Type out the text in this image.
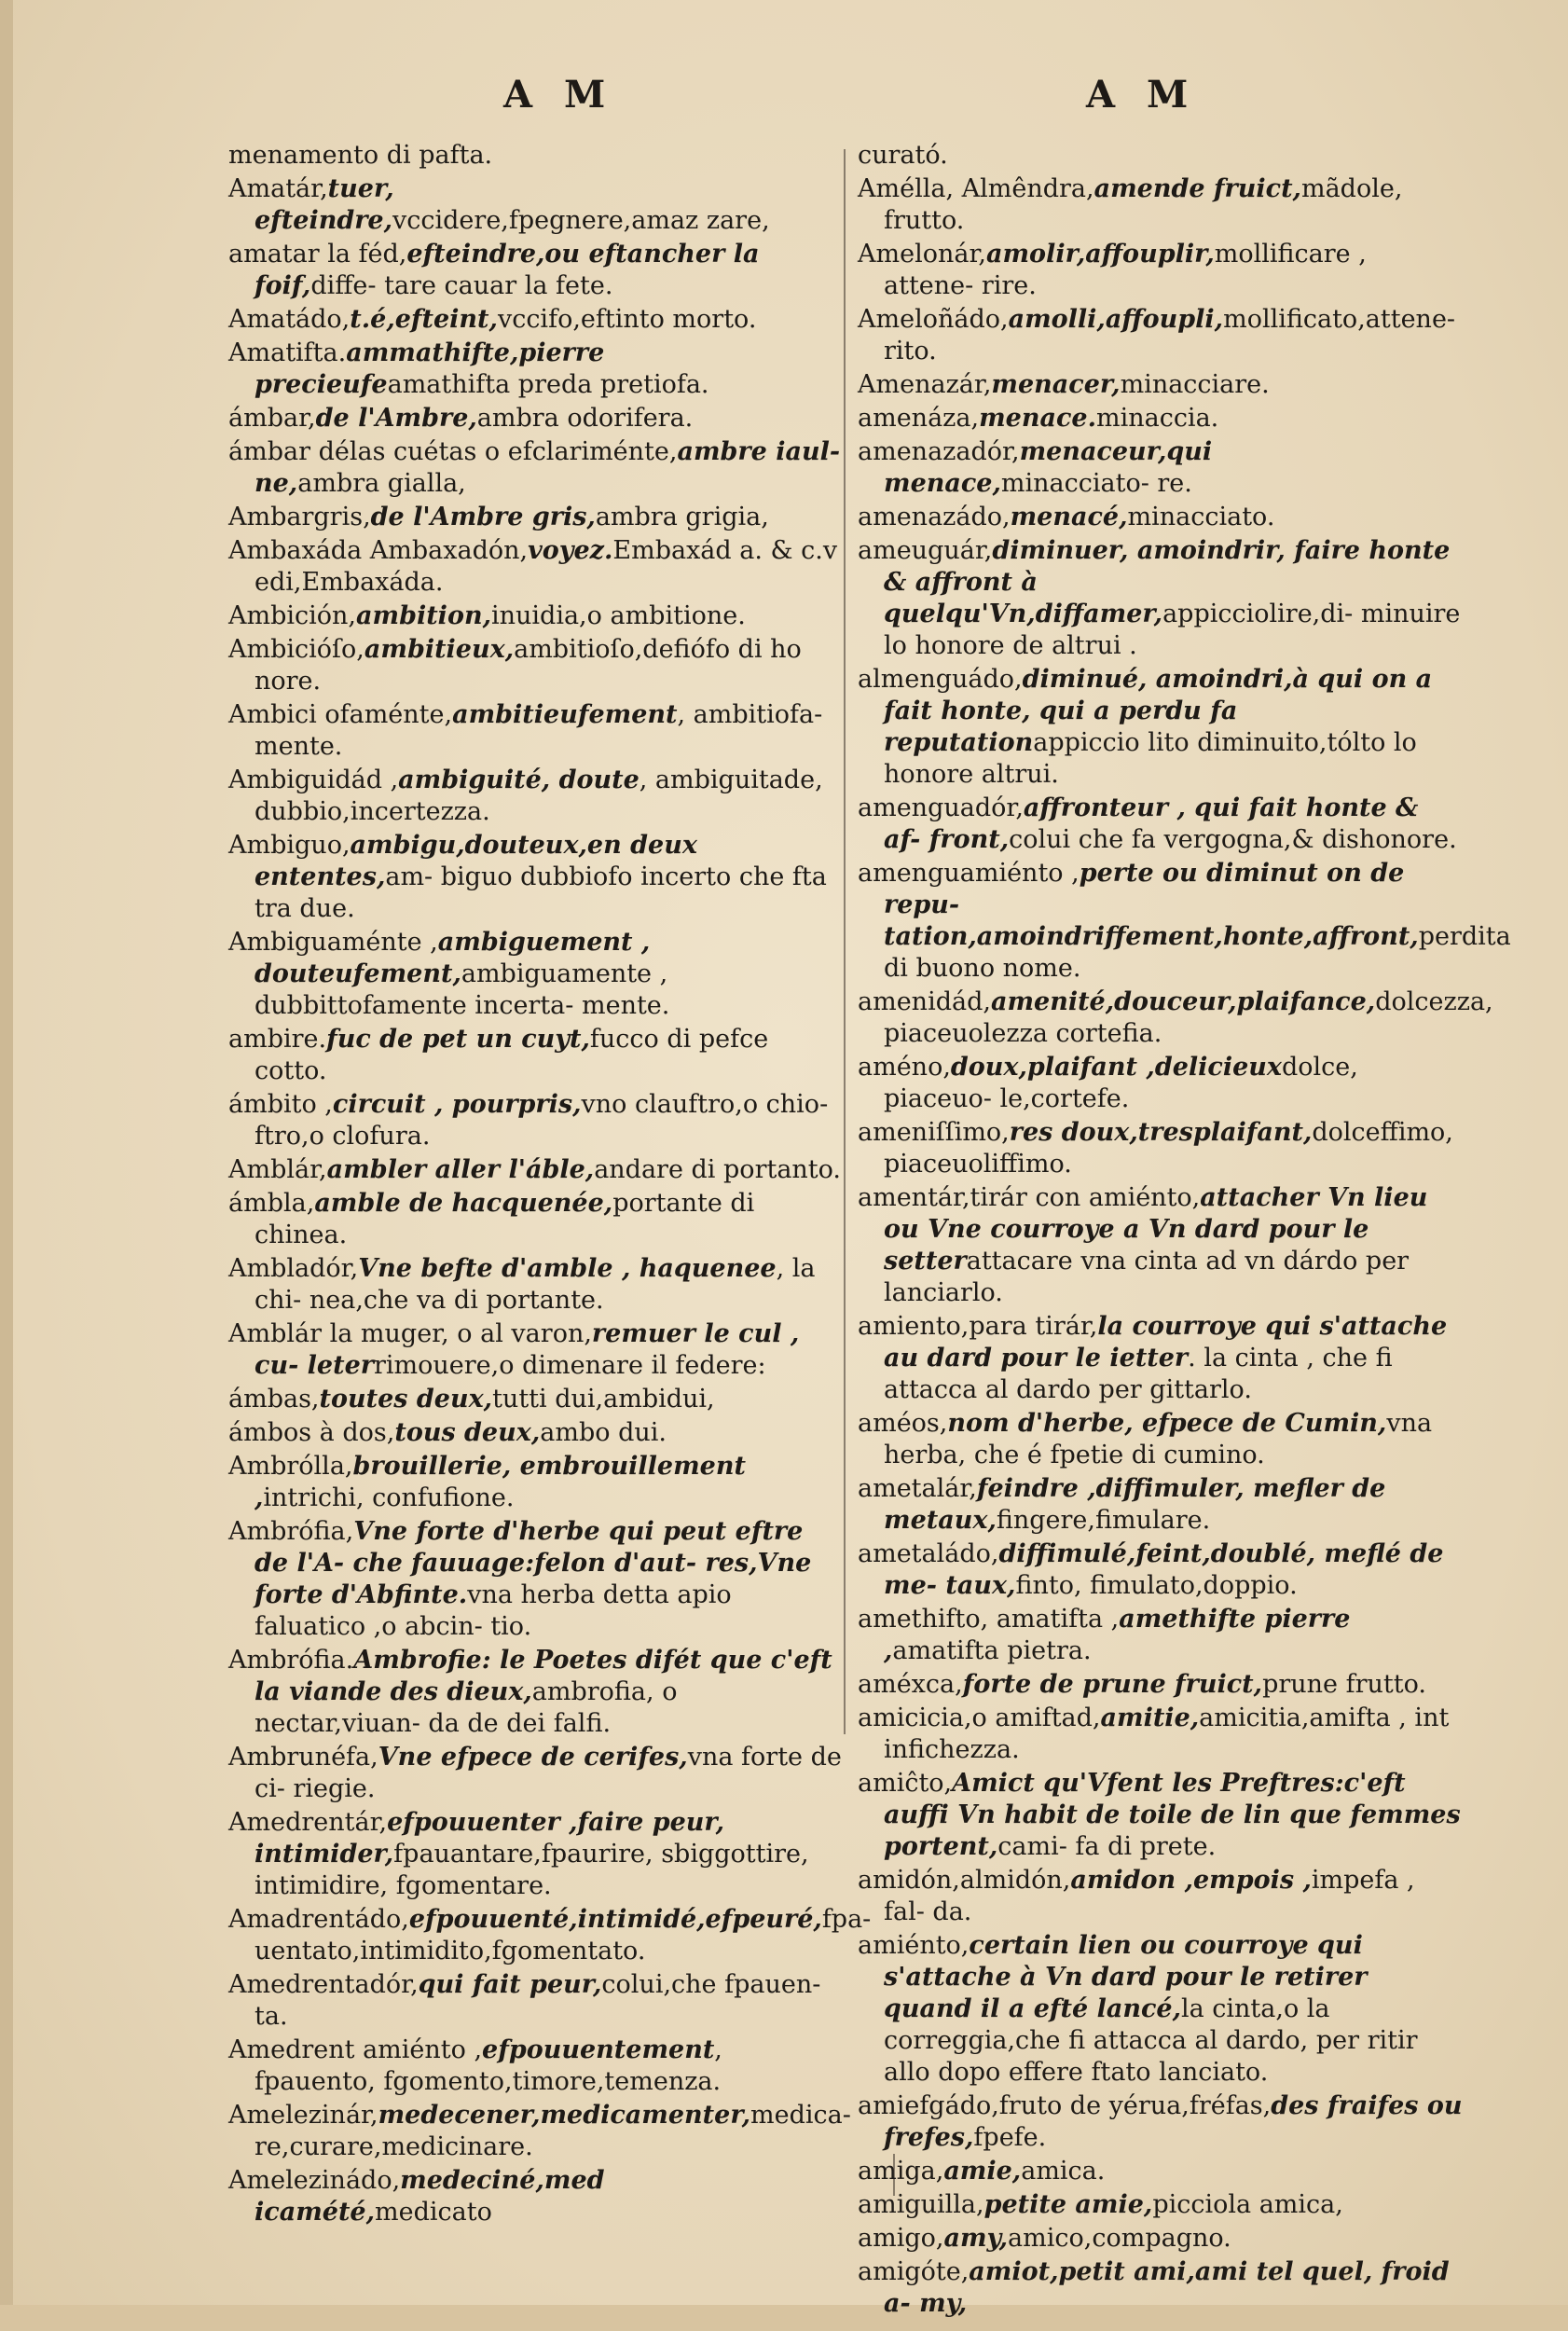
A M	A M
menamento di pafta.
Amatár,tuer, efteindre,vccidere,fpegnere,amaz zare,
amatar la féd,efteindre,ou eftancher la foif,diffe- tare cauar la fete.
Amatádo,t.é,efteint,vccifo,eftinto morto.
Amatifta.ammathifte,pierre precieufeamathifta preda pretiofa.
ámbar,de l'Ambre,ambra odorifera.
ámbar délas cuétas o efclariménte,ambre iaul- ne,ambra gialla,
Ambargris,de l'Ambre gris,ambra grigia,
Ambaxáda Ambaxadón,voyez.Embaxád a. & c.v edi,Embaxáda.
Ambición,ambition,inuidia,o ambitione.
Ambicióſo,ambitieux,ambitioſo,defiófo di ho nore.
Ambici ofaménte,ambitieufement, ambitiofa- mente.
Ambiguidád ,ambiguité, doute, ambiguitade, dubbio,incertezza.
Ambiguo,ambigu,douteux,en deux ententes,am- biguo dubbiofo incerto che fta tra due.
Ambiguaménte ,ambiguement , douteufement,ambiguamente , dubbittofamente incerta- mente.
ambire.fuc de pet un cuyt,fucco di pefce cotto.
ámbito ,circuit , pourpris,vno clauftro,o chio- ftro,o clofura.
Amblár,ambler aller l'áble,andare di portanto.
ámbla,amble de hacquenée,portante di chinea.
Ambladór,Vne befte d'amble , haquenee, la chi- nea,che va di portante.
Amblár la muger, o al varon,remuer le cul , cu- leterrimouere,o dimenare il federe:
ámbas,toutes deux,tutti dui,ambidui,
ámbos à dos,tous deux,ambo dui.
Ambrólla,brouillerie, embrouillement ,intrichi, confufione.
Ambrófia,Vne forte d'herbe qui peut eftre de l'A- che fauuage:felon d'aut- res,Vne forte d'Abfinte.vna herba detta apio faluatico ,o abcin- tio.
Ambrófia.Ambrofie: le Poetes difét que c'eft la viande des dieux,ambrofia, o nectar,viuan- da de dei falfi.
Ambrunéfa,Vne efpece de cerifes,vna forte de ci- riegie.
Amedrentár,efpouuenter ,faire peur, intimider,fpauantare,fpaurire, sbiggottire, intimidire, fgomentare.
Amadrentádo,efpouuenté,intimidé,efpeuré,fpa- uentato,intimidito,fgomentato.
Amedrentadór,qui fait peur,colui,che fpauen- ta.
Amedrent amiénto ,efpouuentement, fpauento, fgomento,timore,temenza.
Amelezinár,medecener,medicamenter,medica- re,curare,medicinare.
Amelezinádo,medeciné,med icamété,medicato
curató.
Amélla, Almêndra,amende fruict,mãdole, frutto.
Amelonár,amolir,affouplir,mollificare , attene- rire.
Ameloñádo,amolli,affoupli,mollificato,attene- rito.
Amenazár,menacer,minacciare.
amenáza,menace.minaccia.
amenazadór,menaceur,qui menace,minacciato- re.
amenazádo,menacé,minacciato.
ameuguár,diminuer, amoindrir, faire honte & affront à quelqu'Vn,diffamer,appicciolire,di- minuire lo honore de altrui .
almenguádo,diminué, amoindri,à qui on a fait honte, qui a perdu fa reputationappiccio lito diminuito,tólto lo honore altrui.
amenguadór,affronteur , qui fait honte & af- front,colui che fa vergogna,& dishonore.
amenguamiénto ,perte ou diminut on de repu- tation,amoindriffement,honte,affront,perdita di buono nome.
amenidád,amenité,douceur,plaifance,dolcezza, piaceuolezza cortefia.
améno,doux,plaifant ,delicieuxdolce, piaceuo- le,cortefe.
ameniſſimo,res doux,tresplaifant,dolceffimo, piaceuoliffimo.
amentár,tirár con amiénto,attacher Vn lieu ou Vne courroye a Vn dard pour le setterattacare vna cinta ad vn dárdo per lanciarlo.
amiento,para tirár,la courroye qui s'attache au dard pour le ietter. la cinta , che fi attacca al dardo per gittarlo.
améos,nom d'herbe, efpece de Cumin,vna herba, che é fpetie di cumino.
ametalár,feindre ,diffimuler, mefler de metaux,fingere,fimulare.
ametaládo,diffimulé,feint,doublé, meflé de me- taux,finto, fimulato,doppio.
amethifto, amatifta ,amethifte pierre ,amatifta pietra.
améxca,forte de prune fruict,prune frutto.
amicicia,o amiftad,amitie,amicitia,amifta , int infichezza.
amiĉto,Amict qu'Vfent les Preftres:c'eft auffi Vn habit de toile de lin que femmes portent,cami- fa di prete.
amidón,almidón,amidon ,empois ,impefa , fal- da.
amiénto,certain lien ou courroye qui s'attache à Vn dard pour le retirer quand il a efté lancé,la cinta,o la correggia,che fi attacca al dardo, per ritir allo dopo effere ftato lanciato.
amiefgádo,fruto de yérua,fréfas,des fraifes ou frefes,fpefe.
amiga,amie,amica.
amiguilla,petite amie,picciola amica,
amigo,amy,amico,compagno.
amigóte,amiot,petit ami,ami tel quel, froid a- my,
